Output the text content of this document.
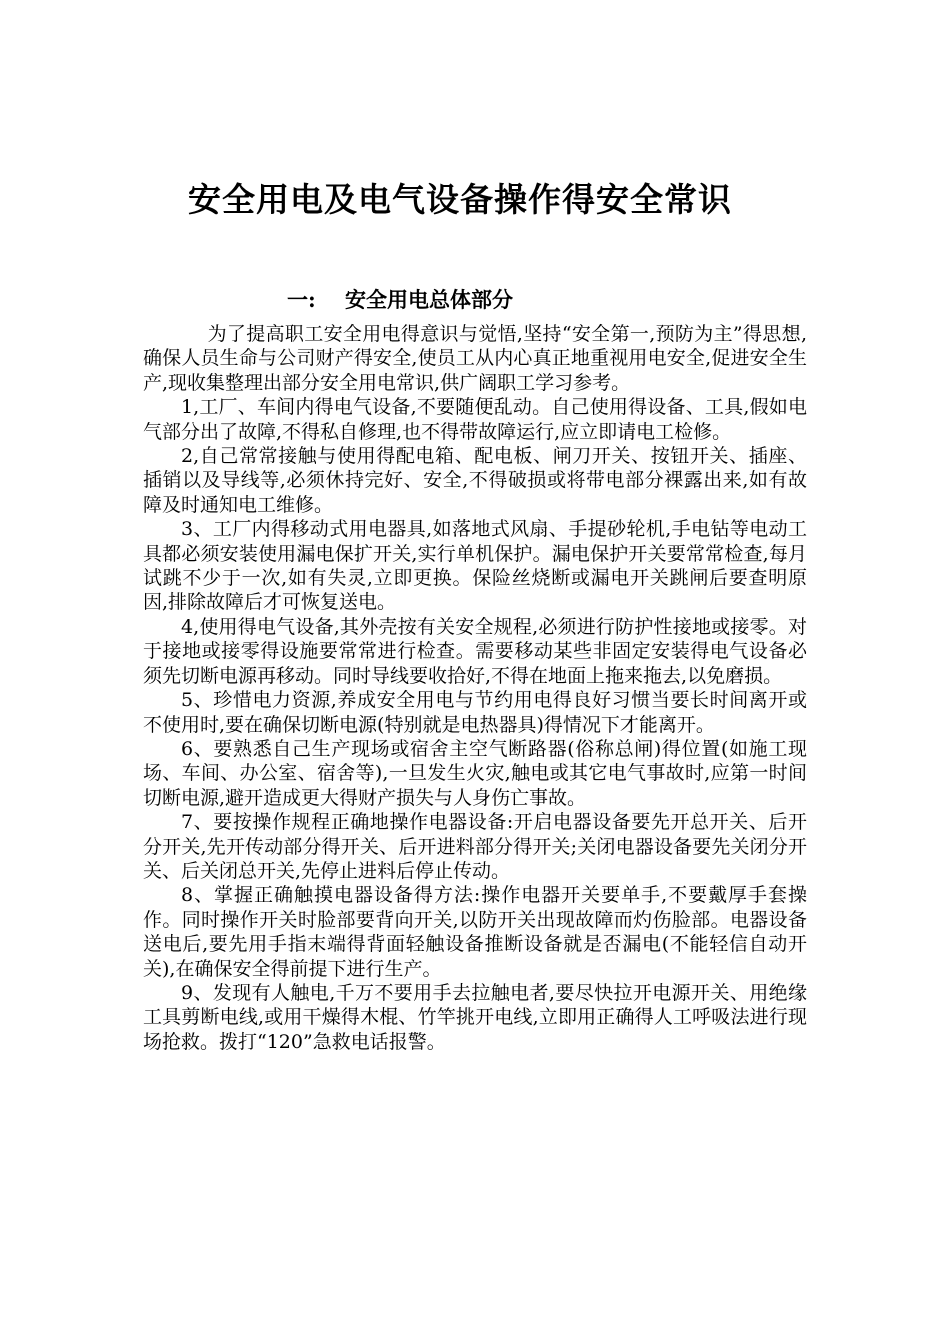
安全用电及电气设备操作得安全常识
一: 安全用电总体部分

为了提高职工安全用电得意识与觉悟,坚持“安全第一,预防为主”得思想,确保人员生命与公司财产得安全,使员工从内心真正地重视用电安全,促进安全生产,现收集整理出部分安全用电常识,供广阔职工学习参考。

1,工厂、车间内得电气设备,不要随便乱动。自己使用得设备、工具,假如电气部分出了故障,不得私自修理,也不得带故障运行,应立即请电工检修。

2,自己常常接触与使用得配电箱、配电板、闸刀开关、按钮开关、插座、插销以及导线等,必须休持完好、安全,不得破损或将带电部分裸露出来,如有故障及时通知电工维修。

3、工厂内得移动式用电器具,如落地式风扇、手提砂轮机,手电钻等电动工具都必须安装使用漏电保扩开关,实行单机保护。漏电保护开关要常常检查,每月试跳不少于一次,如有失灵,立即更换。保险丝烧断或漏电开关跳闸后要查明原因,排除故障后才可恢复送电。

4,使用得电气设备,其外壳按有关安全规程,必须进行防护性接地或接零。对于接地或接零得设施要常常进行检查。需要移动某些非固定安装得电气设备必须先切断电源再移动。同时导线要收拾好,不得在地面上拖来拖去,以免磨损。

5、珍惜电力资源,养成安全用电与节约用电得良好习惯当要长时间离开或不使用时,要在确保切断电源(特别就是电热器具)得情况下才能离开。

6、要熟悉自己生产现场或宿舍主空气断路器(俗称总闸)得位置(如施工现场、车间、办公室、宿舍等),一旦发生火灾,触电或其它电气事故时,应第一时间切断电源,避开造成更大得财产损失与人身伤亡事故。

7、要按操作规程正确地操作电器设备:开启电器设备要先开总开关、后开分开关,先开传动部分得开关、后开进料部分得开关;关闭电器设备要先关闭分开关、后关闭总开关,先停止进料后停止传动。

8、掌握正确触摸电器设备得方法:操作电器开关要单手,不要戴厚手套操作。同时操作开关时脸部要背向开关,以防开关出现故障而灼伤脸部。电器设备送电后,要先用手指末端得背面轻触设备推断设备就是否漏电(不能轻信自动开关),在确保安全得前提下进行生产。

9、发现有人触电,千万不要用手去拉触电者,要尽快拉开电源开关、用绝缘工具剪断电线,或用干燥得木棍、竹竿挑开电线,立即用正确得人工呼吸法进行现场抢救。拨打“120”急救电话报警。
